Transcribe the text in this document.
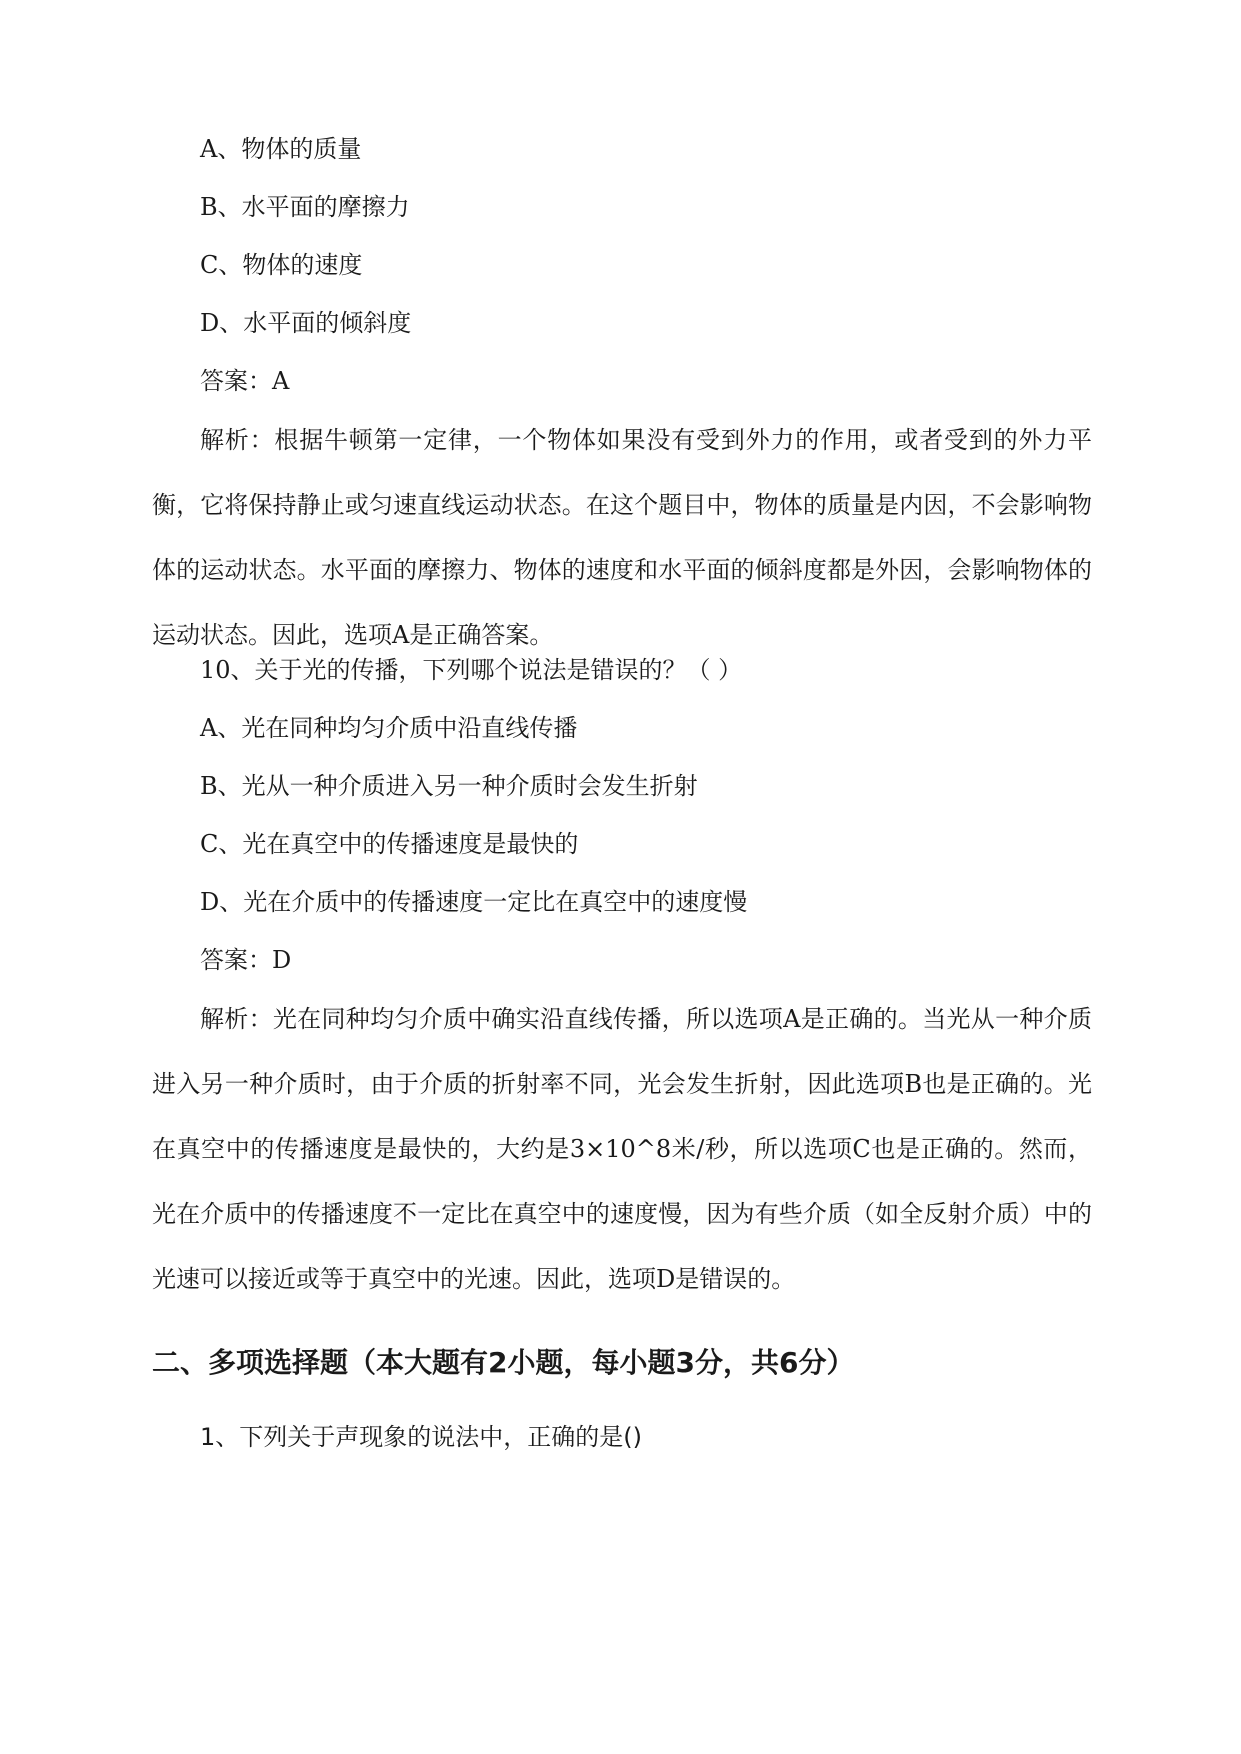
A、物体的质量
B、水平面的摩擦力
C、物体的速度
D、水平面的倾斜度
答案：A
解析：根据牛顿第一定律，一个物体如果没有受到外力的作用，或者受到的外力平衡，它将保持静止或匀速直线运动状态。在这个题目中，物体的质量是内因，不会影响物体的运动状态。水平面的摩擦力、物体的速度和水平面的倾斜度都是外因，会影响物体的运动状态。因此，选项A是正确答案。
10、关于光的传播，下列哪个说法是错误的？（ ）
A、光在同种均匀介质中沿直线传播
B、光从一种介质进入另一种介质时会发生折射
C、光在真空中的传播速度是最快的
D、光在介质中的传播速度一定比在真空中的速度慢
答案：D
解析：光在同种均匀介质中确实沿直线传播，所以选项A是正确的。当光从一种介质进入另一种介质时，由于介质的折射率不同，光会发生折射，因此选项B也是正确的。光在真空中的传播速度是最快的，大约是3×10^8米/秒，所以选项C也是正确的。然而，光在介质中的传播速度不一定比在真空中的速度慢，因为有些介质（如全反射介质）中的光速可以接近或等于真空中的光速。因此，选项D是错误的。
二、多项选择题（本大题有2小题，每小题3分，共6分）
1、下列关于声现象的说法中，正确的是()
